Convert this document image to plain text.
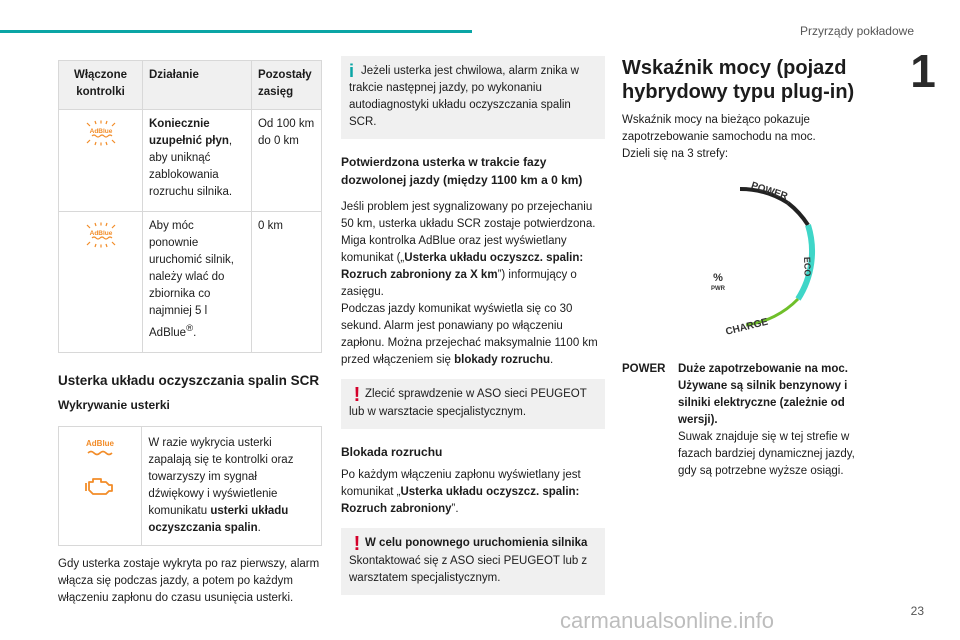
Przyrządy pokładowe
1
Włączone kontrolki	Działanie	Pozostały zasięg

AdBlue	Koniecznie uzupełnić płyn, aby uniknąć zablokowania rozruchu silnika.	Od 100 km do 0 km

AdBlue	Aby móc ponownie uruchomić silnik, należy wlać do zbiornika co najmniej 5 l AdBlue®.	0 km
Usterka układu oczyszczania spalin SCR
Wykrywanie usterki
AdBlue	W razie wykrycia usterki zapalają się te kontrolki oraz towarzyszy im sygnał dźwiękowy i wyświetlenie komunikatu usterki układu oczyszczania spalin.

Gdy usterka zostaje wykryta po raz pierwszy, alarm włącza się podczas jazdy, a potem po każdym włączeniu zapłonu do czasu usunięcia usterki.

i Jeżeli usterka jest chwilowa, alarm znika w trakcie następnej jazdy, po wykonaniu autodiagnostyki układu oczyszczania spalin SCR.
Potwierdzona usterka w trakcie fazy dozwolonej jazdy (między 1100 km a 0 km)

Jeśli problem jest sygnalizowany po przejechaniu 50 km, usterka układu SCR zostaje potwierdzona. Miga kontrolka AdBlue oraz jest wyświetlany komunikat („Usterka układu oczyszcz. spalin: Rozruch zabroniony za X km”) informujący o zasięgu.
Podczas jazdy komunikat wyświetla się co 30 sekund. Alarm jest ponawiany po włączeniu zapłonu. Można przejechać maksymalnie 1100 km przed włączeniem się blokady rozruchu.

! Zlecić sprawdzenie w ASO sieci PEUGEOT lub w warsztacie specjalistycznym.
Blokada rozruchu

Po każdym włączeniu zapłonu wyświetlany jest komunikat „Usterka układu oczyszcz. spalin: Rozruch zabroniony”.

! W celu ponownego uruchomienia silnika
Skontaktować się z ASO sieci PEUGEOT lub z warsztatem specjalistycznym.
Wskaźnik mocy (pojazd hybrydowy typu plug-in)

Wskaźnik mocy na bieżąco pokazuje zapotrzebowanie samochodu na moc.

Dzieli się na 3 strefy:

POWER
ECO
CHARGE
%
PWR
POWER	Duże zapotrzebowanie na moc. Używane są silnik benzynowy i silniki elektryczne (zależnie od wersji).
Suwak znajduje się w tej strefie w fazach bardziej dynamicznej jazdy, gdy są potrzebne wyższe osiągi.
carmanualsonline.info	23
